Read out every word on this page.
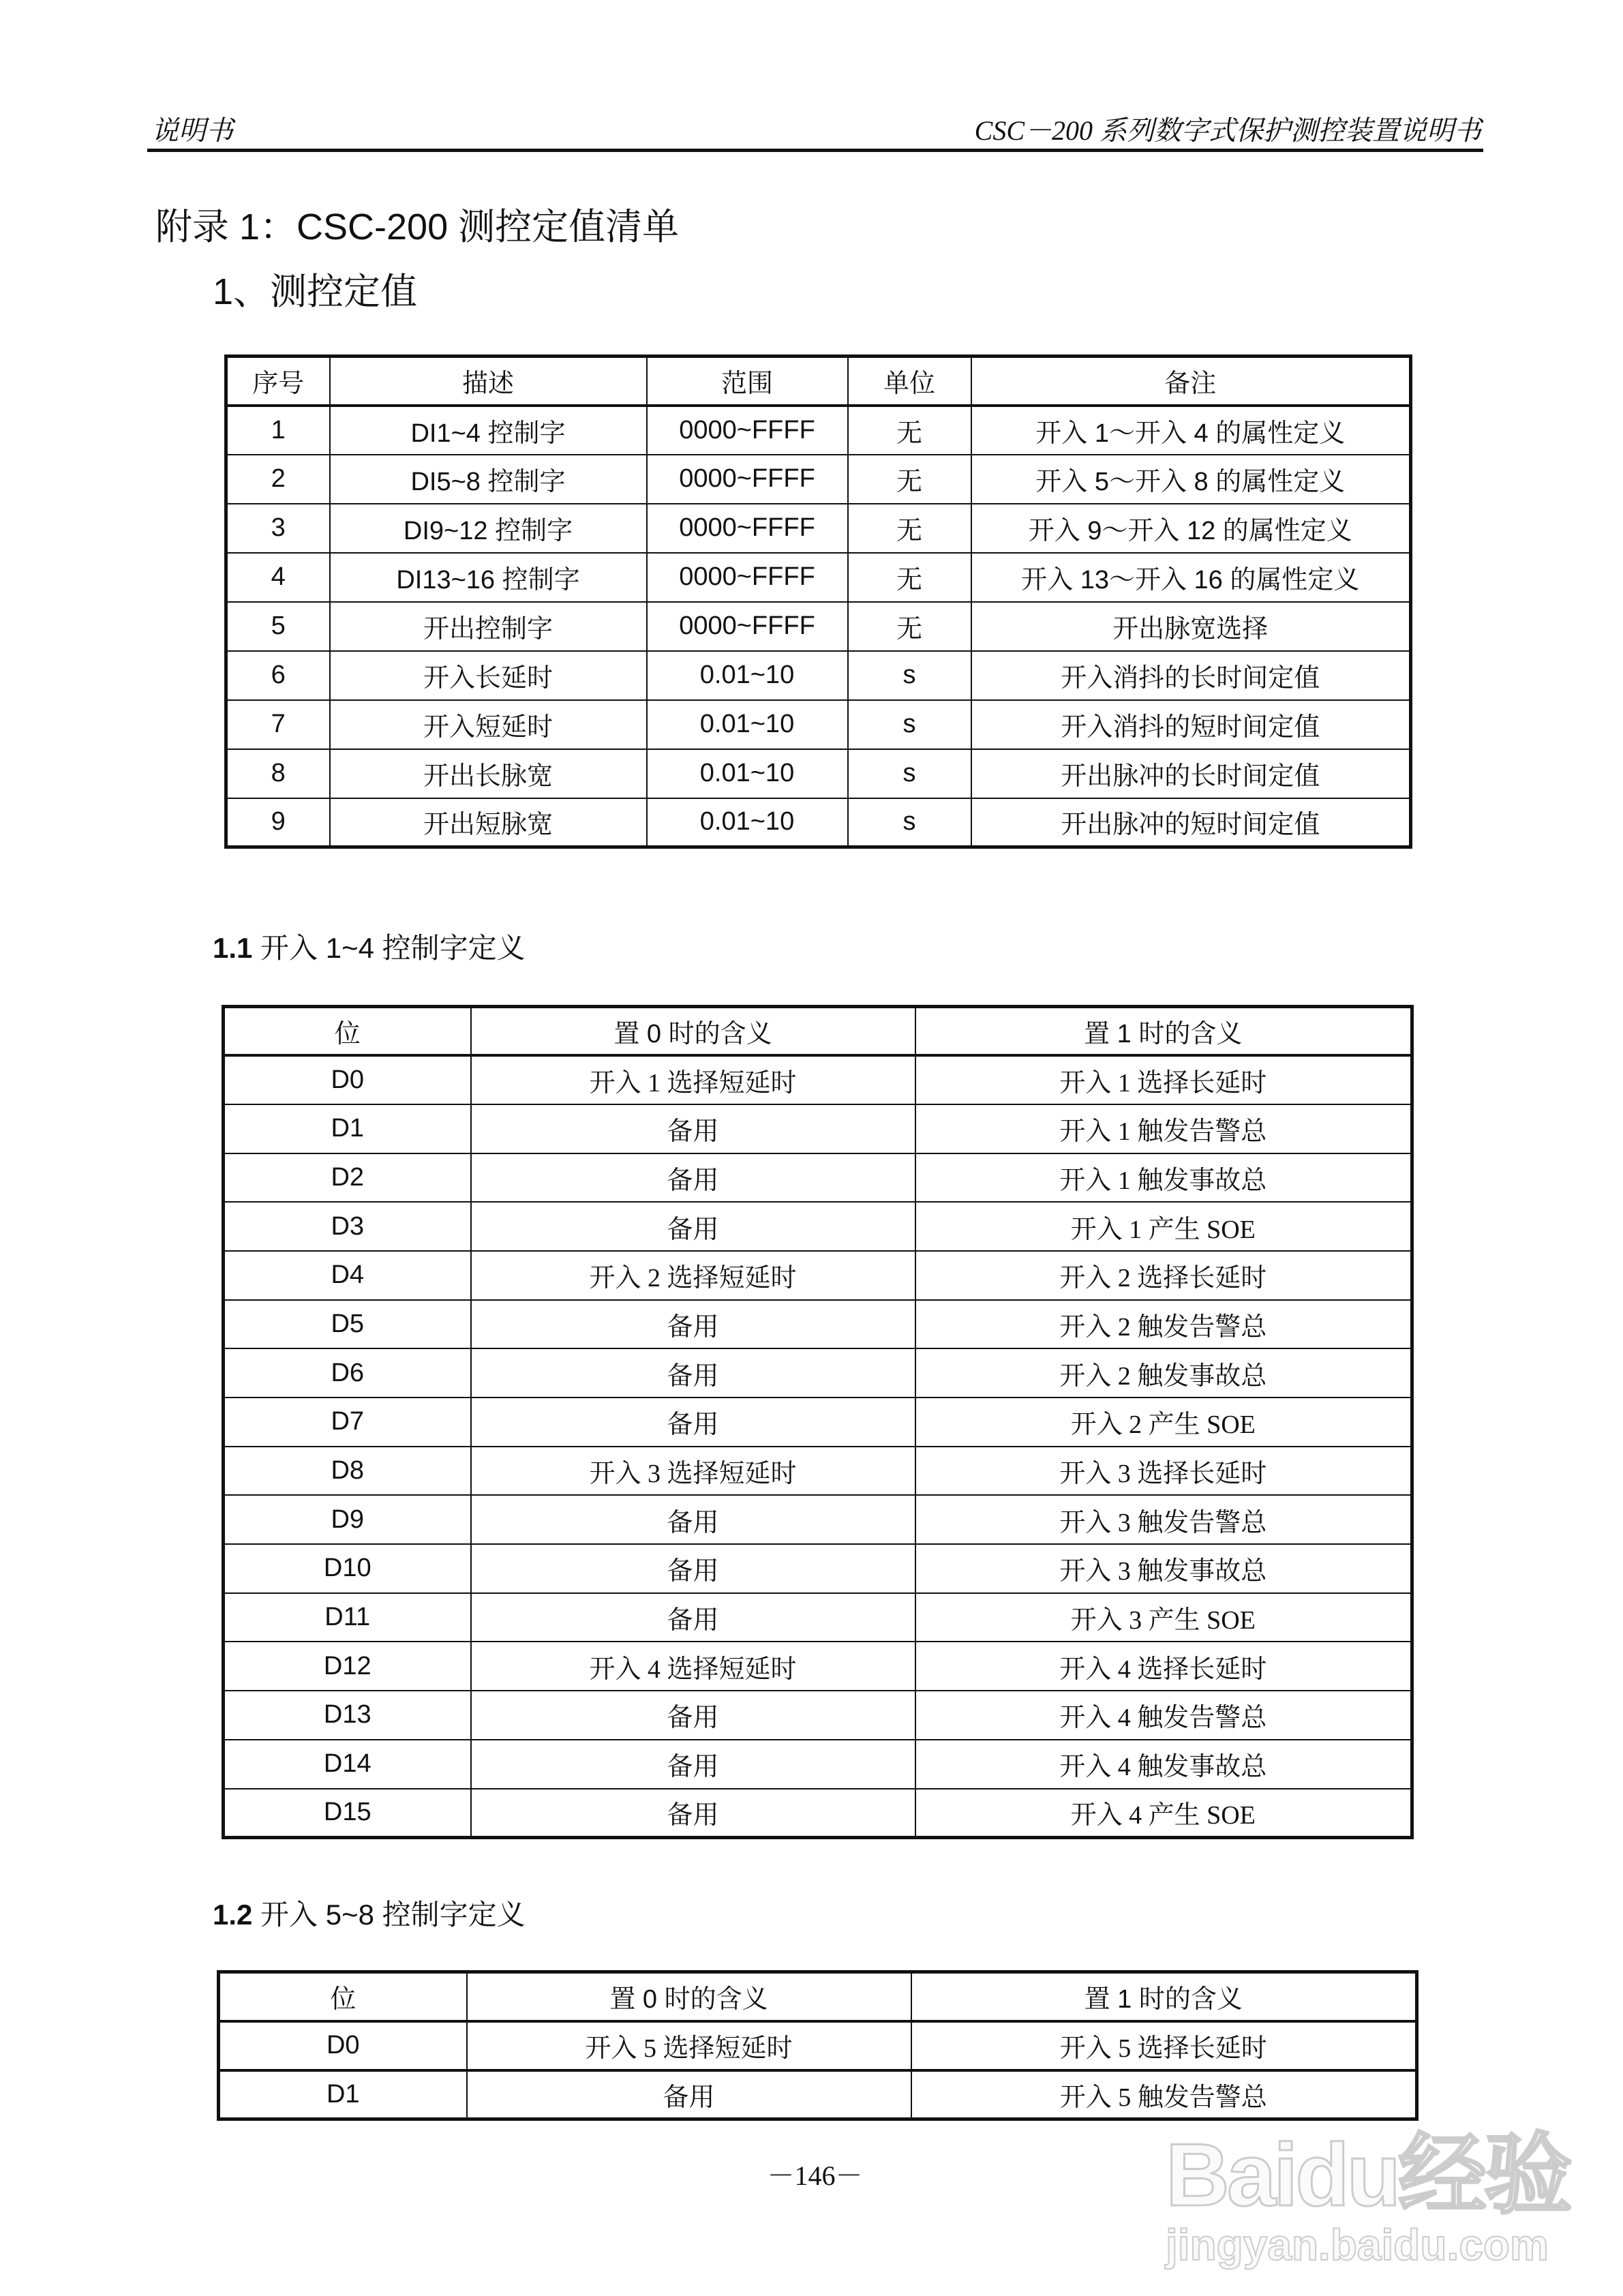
说明书	CSC－200 系列数字式保护测控装置说明书
附录 1：CSC-200 测控定值清单
1、测控定值
序号	描述	范围	单位	备注
1	DI1~4 控制字	0000~FFFF	无	开入 1～开入 4 的属性定义
2	DI5~8 控制字	0000~FFFF	无	开入 5～开入 8 的属性定义
3	DI9~12 控制字	0000~FFFF	无	开入 9～开入 12 的属性定义
4	DI13~16 控制字	0000~FFFF	无	开入 13～开入 16 的属性定义
5	开出控制字	0000~FFFF	无	开出脉宽选择
6	开入长延时	0.01~10	s	开入消抖的长时间定值
7	开入短延时	0.01~10	s	开入消抖的短时间定值
8	开出长脉宽	0.01~10	s	开出脉冲的长时间定值
9	开出短脉宽	0.01~10	s	开出脉冲的短时间定值
1.1 开入 1~4 控制字定义
位	置 0 时的含义	置 1 时的含义
D0	开入 1 选择短延时	开入 1 选择长延时
D1	备用	开入 1 触发告警总
D2	备用	开入 1 触发事故总
D3	备用	开入 1 产生 SOE
D4	开入 2 选择短延时	开入 2 选择长延时
D5	备用	开入 2 触发告警总
D6	备用	开入 2 触发事故总
D7	备用	开入 2 产生 SOE
D8	开入 3 选择短延时	开入 3 选择长延时
D9	备用	开入 3 触发告警总
D10	备用	开入 3 触发事故总
D11	备用	开入 3 产生 SOE
D12	开入 4 选择短延时	开入 4 选择长延时
D13	备用	开入 4 触发告警总
D14	备用	开入 4 触发事故总
D15	备用	开入 4 产生 SOE
1.2 开入 5~8 控制字定义
位	置 0 时的含义	置 1 时的含义
D0	开入 5 选择短延时	开入 5 选择长延时
D1	备用	开入 5 触发告警总
－146－	Baidu经验
jingyan.baidu.com
